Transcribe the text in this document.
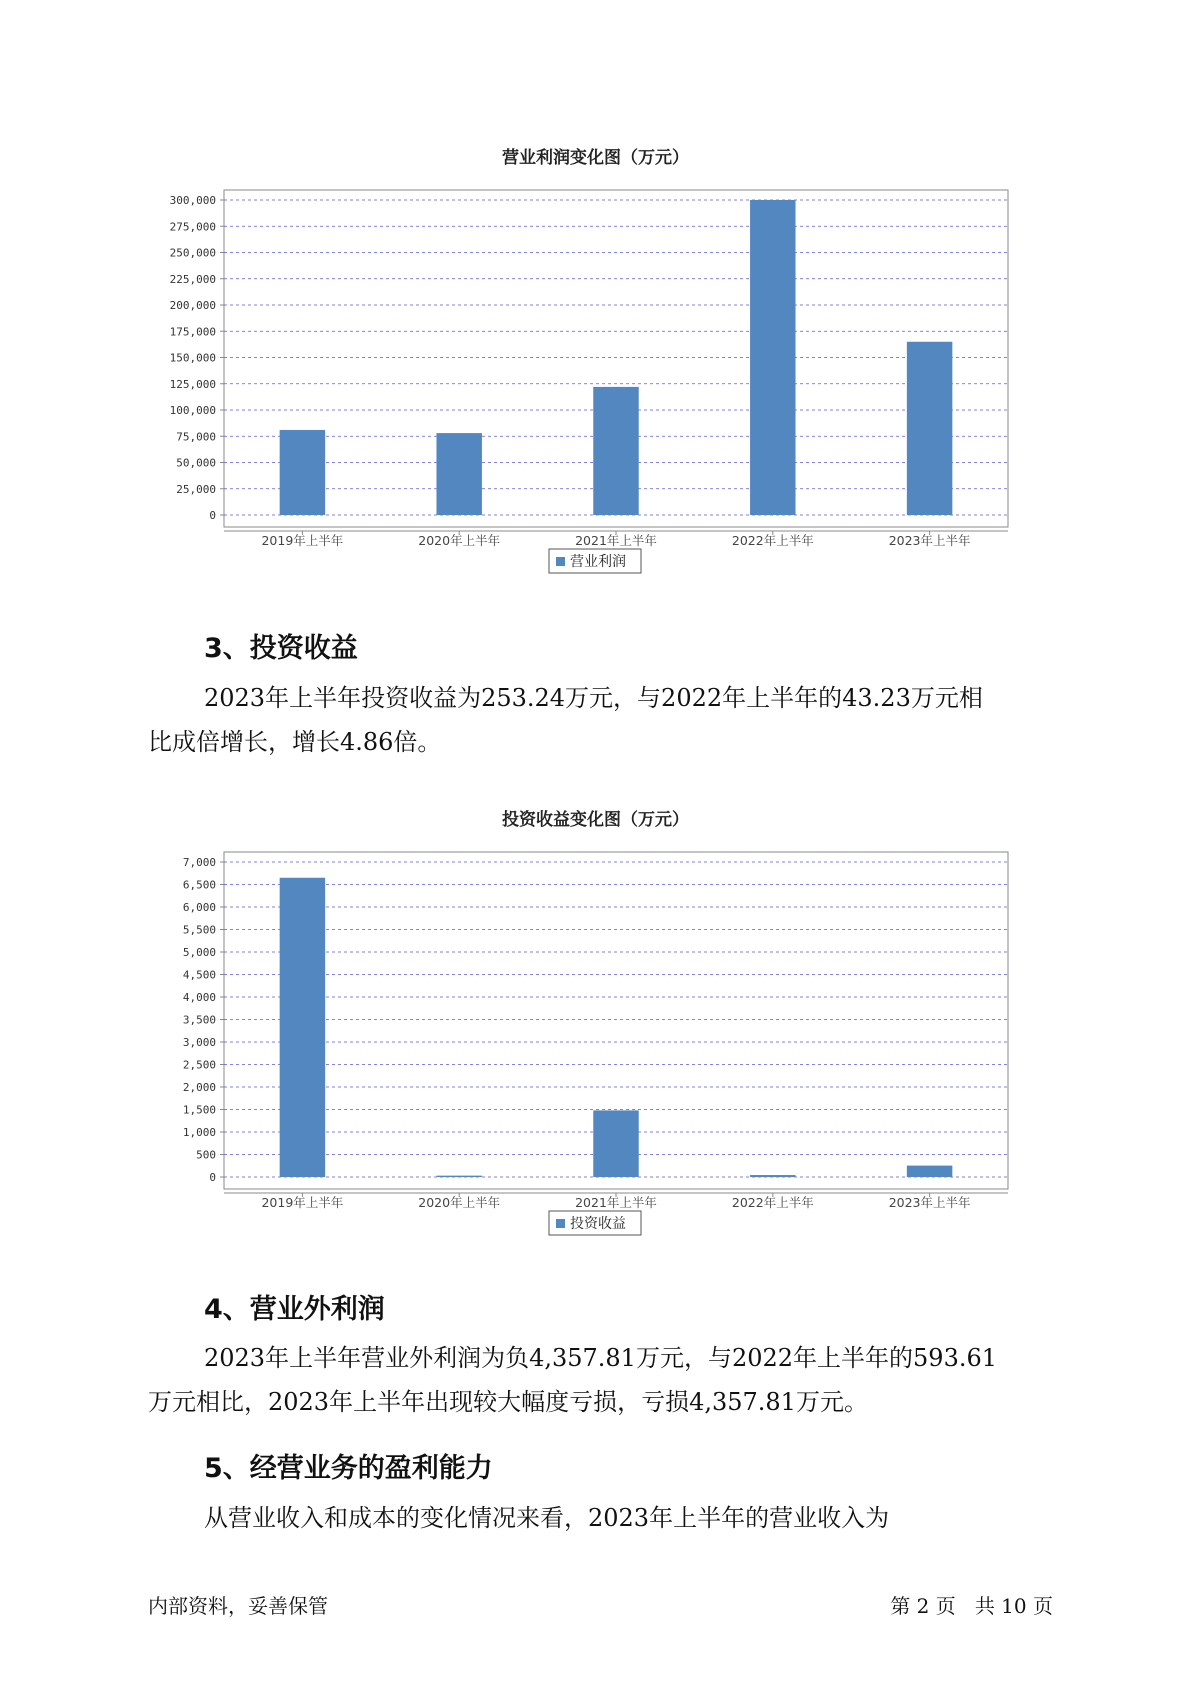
营业利润变化图（万元）
0
25,000
50,000
75,000
100,000
125,000
150,000
175,000
200,000
225,000
250,000
275,000
300,000
2019年上半年	2020年上半年	2021年上半年	2022年上半年	2023年上半年
营业利润
3、投资收益

2023年上半年投资收益为253.24万元，与2022年上半年的43.23万元相

比成倍增长，增长4.86倍。

投资收益变化图（万元）
0
500
1,000
1,500
2,000
2,500
3,000
3,500
4,000
4,500
5,000
5,500
6,000
6,500
7,000
2019年上半年	2020年上半年	2021年上半年	2022年上半年	2023年上半年
投资收益
4、营业外利润

2023年上半年营业外利润为负4,357.81万元，与2022年上半年的593.61

万元相比，2023年上半年出现较大幅度亏损，亏损4,357.81万元。

5、经营业务的盈利能力

从营业收入和成本的变化情况来看，2023年上半年的营业收入为

内部资料，妥善保管	第 2 页   共 10 页
